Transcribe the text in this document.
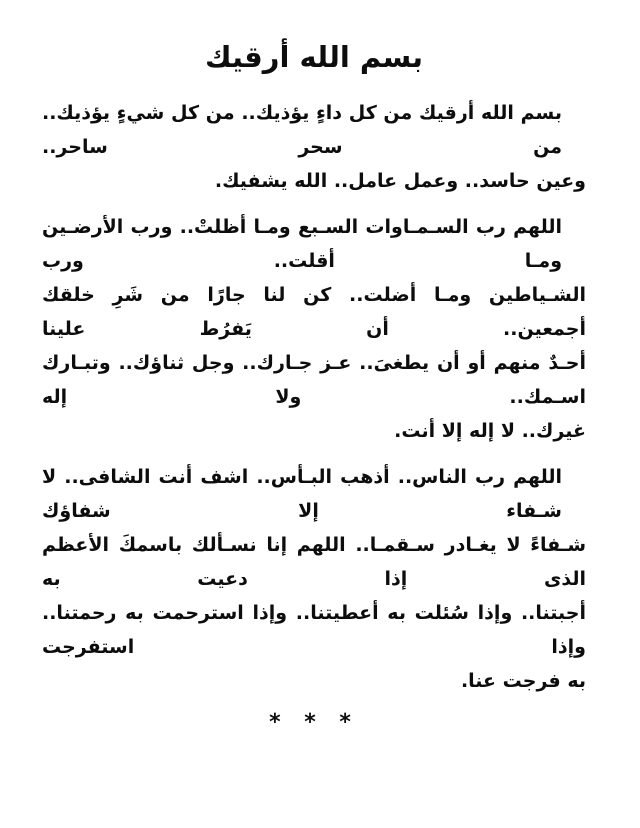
بسم الله أرقيك
بسم الله أرقيك من كل داءٍ يؤذيك.. من كل شيءٍ يؤذيك.. من سحر ساحر..
وعين حاسد.. وعمل عامل.. الله يشفيك.
اللهم رب السـمـاوات السـبع ومـا أظلتْ.. ورب الأرضـين ومـا أقلت.. ورب
الشـياطين ومـا أضلت.. كن لنا جارًا من شَرِ خلقك أجمعين.. أن يَفرُط علينا
أحـدٌ منهم أو أن يطغىَ.. عـز جـارك.. وجل ثناؤك.. وتبـارك اسـمك.. ولا إله
غيرك.. لا إله إلا أنت.
اللهم رب الناس.. أذهب البـأس.. اشف أنت الشافى.. لا شـفاء إلا شفاؤك
شـفاءً لا يغـادر سـقمـا.. اللهم إنا نسـألك باسمكَ الأعظم الذى إذا دعيت به
أجبتنا.. وإذا سُئلت به أعطيتنا.. وإذا استرحمت به رحمتنا.. وإذا استفرجت
به فرجت عنا.
* * *
